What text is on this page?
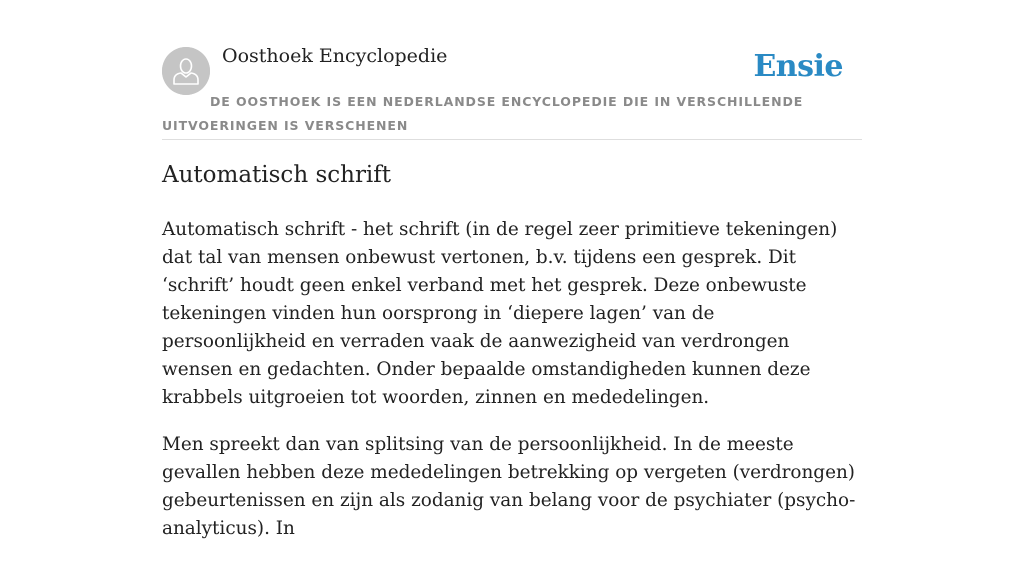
Oosthoek Encyclopedie	Ensie
DE OOSTHOEK IS EEN NEDERLANDSE ENCYCLOPEDIE DIE IN VERSCHILLENDE UITVOERINGEN IS VERSCHENEN
Automatisch schrift

Automatisch schrift - het schrift (in de regel zeer primitieve tekeningen) dat tal van mensen onbewust vertonen, b.v. tijdens een gesprek. Dit ‘schrift’ houdt geen enkel verband met het gesprek. Deze onbewuste tekeningen vinden hun oorsprong in ‘diepere lagen’ van de persoonlijkheid en verraden vaak de aanwezigheid van verdrongen wensen en gedachten. Onder bepaalde omstandigheden kunnen deze krabbels uitgroeien tot woorden, zinnen en mededelingen.

Men spreekt dan van splitsing van de persoonlijkheid. In de meeste gevallen hebben deze mededelingen betrekking op vergeten (verdrongen) gebeurtenissen en zijn als zodanig van belang voor de psychiater (psycho-analyticus). In
